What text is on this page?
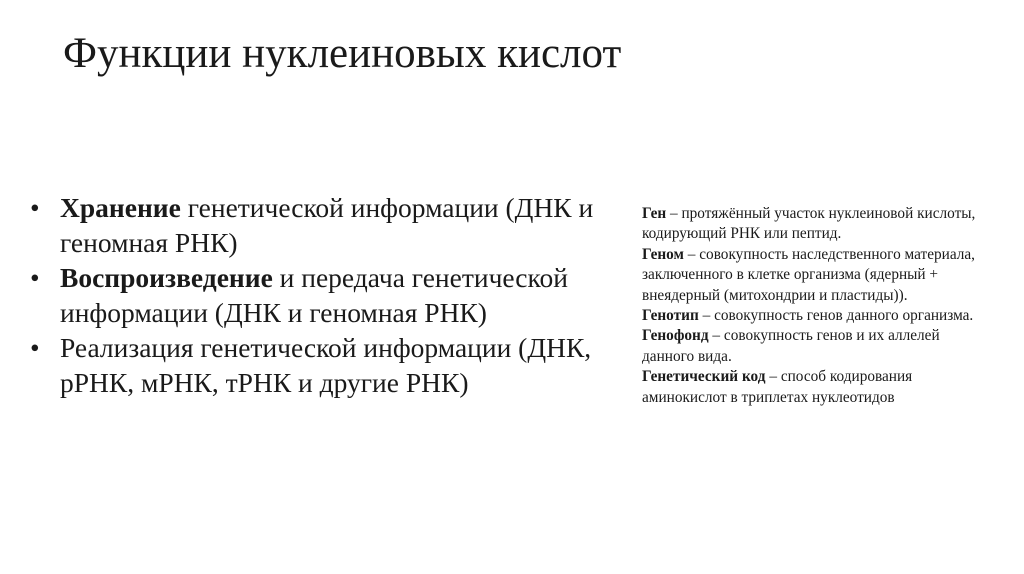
Функции нуклеиновых кислот
• Хранение генетической информации (ДНК и геномная РНК)
• Воспроизведение и передача генетической информации (ДНК и геномная РНК)
• Реализация генетической информации (ДНК, рРНК, мРНК, тРНК и другие РНК)

Ген – протяжённый участок нуклеиновой кислоты, кодирующий РНК или пептид.

Геном – совокупность наследственного материала, заключенного в клетке организма (ядерный + внеядерный (митохондрии и пластиды)).

Генотип – совокупность генов данного организма.

Генофонд – совокупность генов и их аллелей данного вида.

Генетический код – способ кодирования аминокислот в триплетах нуклеотидов
